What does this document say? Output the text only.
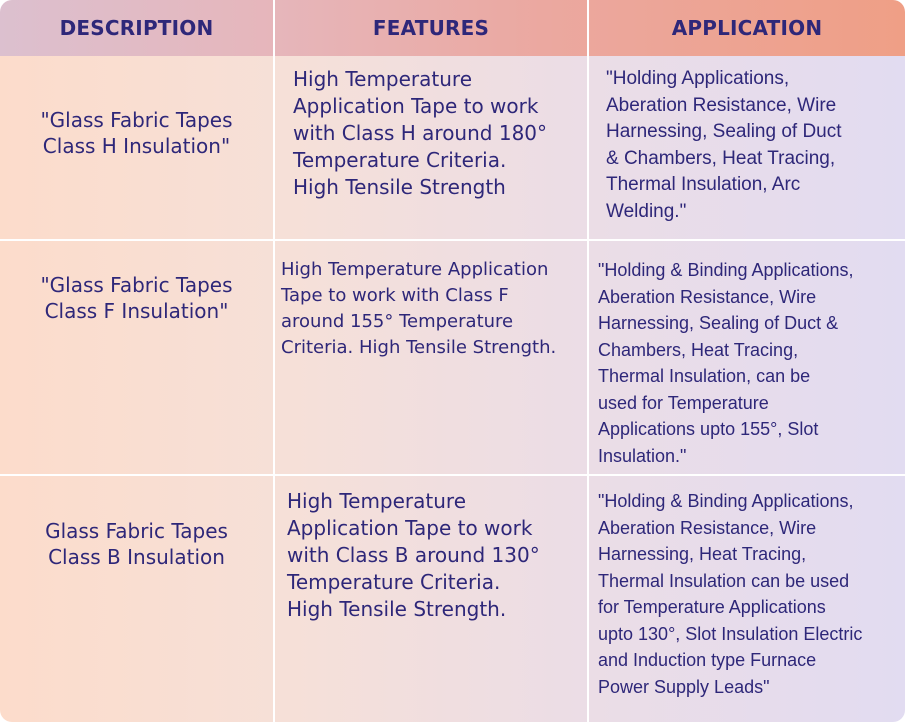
DESCRIPTION	FEATURES	APPLICATION
"Glass Fabric Tapes
Class H Insulation"
High Temperature
Application Tape to work
with Class H around 180°
Temperature Criteria.
High Tensile Strength
"Holding Applications,
Aberation Resistance, Wire
Harnessing, Sealing of Duct
& Chambers, Heat Tracing,
Thermal Insulation, Arc
Welding."
"Glass Fabric Tapes
Class F Insulation"
High Temperature Application
Tape to work with Class F
around 155° Temperature
Criteria. High Tensile Strength.
"Holding & Binding Applications,
Aberation Resistance, Wire
Harnessing, Sealing of Duct &
Chambers, Heat Tracing,
Thermal Insulation, can be
used for Temperature
Applications upto 155°, Slot
Insulation."
Glass Fabric Tapes
Class B Insulation
High Temperature
Application Tape to work
with Class B around 130°
Temperature Criteria.
High Tensile Strength.
"Holding & Binding Applications,
Aberation Resistance, Wire
Harnessing, Heat Tracing,
Thermal Insulation can be used
for Temperature Applications
upto 130°, Slot Insulation Electric
and Induction type Furnace
Power Supply Leads"
